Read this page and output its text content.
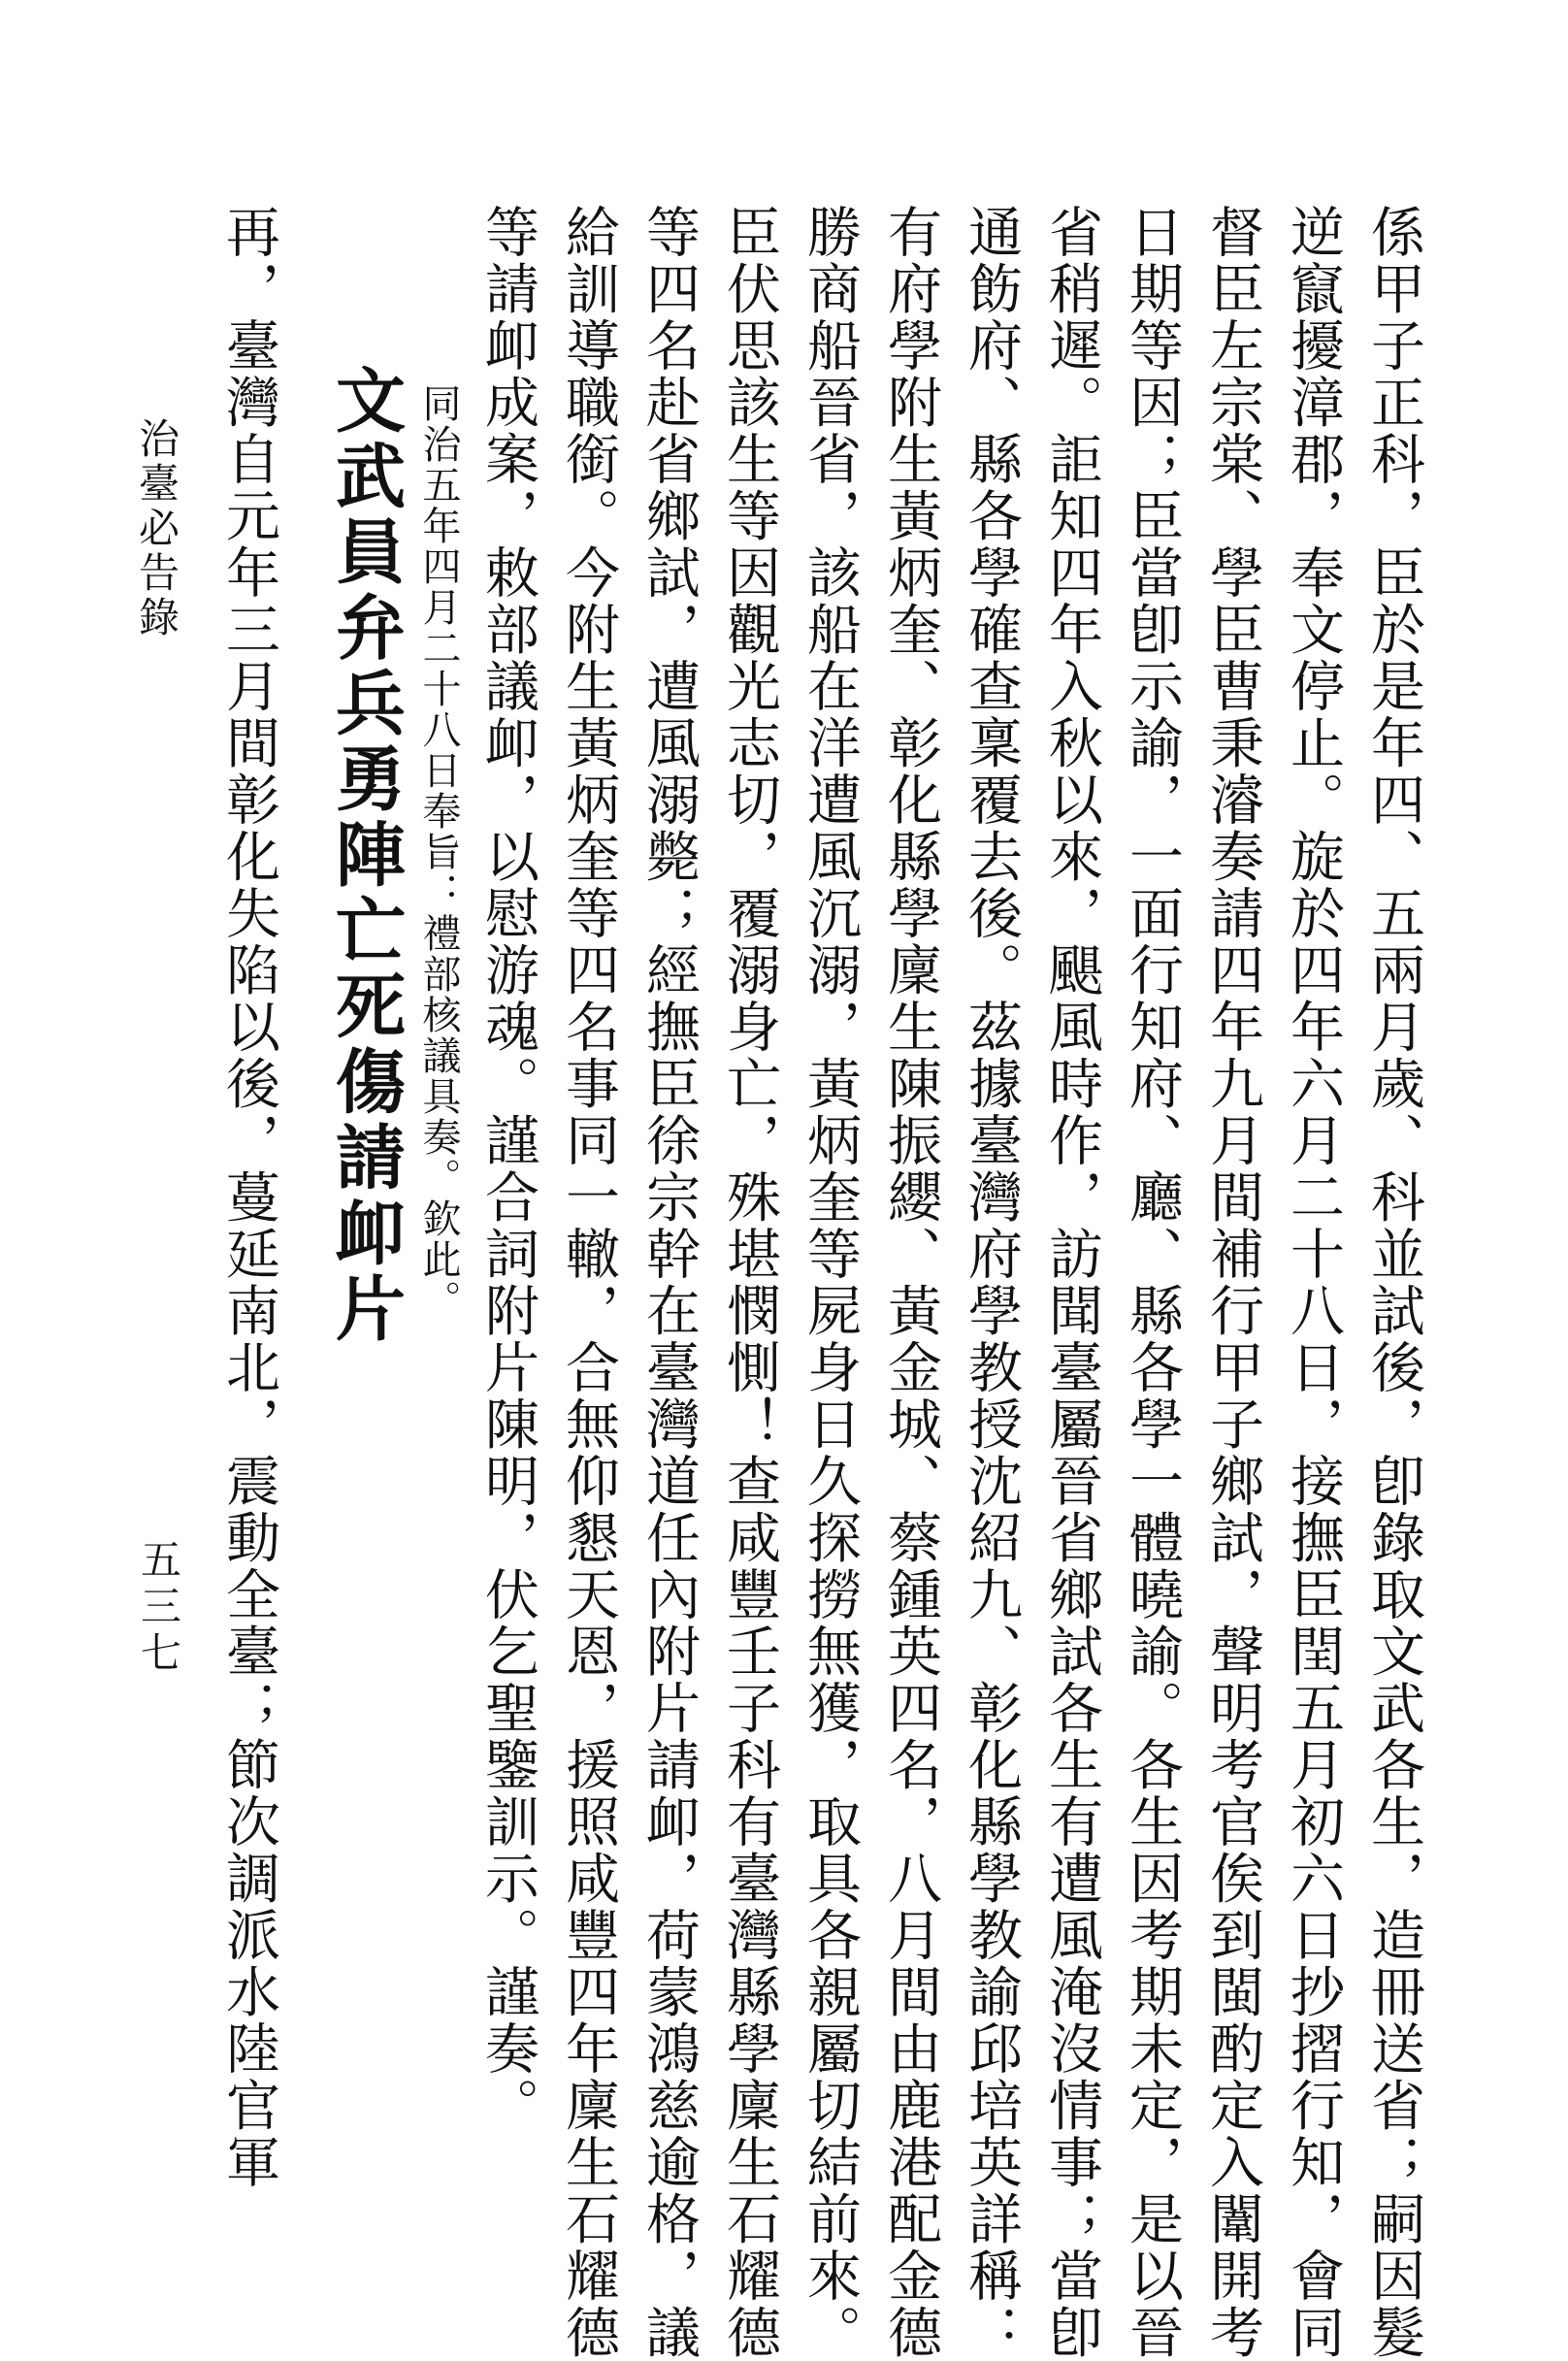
係甲子正科，臣於是年四、五兩月歲、科並試後，卽錄取文武各生，造冊送省；嗣因髮
逆竄擾漳郡，奉文停止。旋於四年六月二十八日，接撫臣閏五月初六日抄摺行知，會同
督臣左宗棠、學臣曹秉濬奏請四年九月間補行甲子鄉試，聲明考官俟到閩酌定入闈開考
日期等因；臣當卽示諭，一面行知府、廳、縣各學一體曉諭。各生因考期未定，是以晉
省稍遲。詎知四年入秋以來，颶風時作，訪聞臺屬晉省鄉試各生有遭風淹沒情事；當卽
通飭府、縣各學確查稟覆去後。茲據臺灣府學教授沈紹九、彰化縣學教諭邱培英詳稱：
有府學附生黃炳奎、彰化縣學廩生陳振纓、黃金城、蔡鍾英四名，八月間由鹿港配金德
勝商船晉省，該船在洋遭風沉溺，黃炳奎等屍身日久探撈無獲，取具各親屬切結前來。
臣伏思該生等因觀光志切，覆溺身亡，殊堪憫惻！查咸豐壬子科有臺灣縣學廩生石耀德
等四名赴省鄉試，遭風溺斃；經撫臣徐宗幹在臺灣道任內附片請卹，荷蒙鴻慈逾格，議
給訓導職銜。今附生黃炳奎等四名事同一轍，合無仰懇天恩，援照咸豐四年廩生石耀德
等請卹成案，敕部議卹，以慰游魂。謹合詞附片陳明，伏乞聖鑒訓示。謹奏。
同治五年四月二十八日奉旨：禮部核議具奏。欽此。
文武員弁兵勇陣亡死傷請卹片
再，臺灣自元年三月間彰化失陷以後，蔓延南北，震動全臺；節次調派水陸官軍
治臺必告錄
五三七
